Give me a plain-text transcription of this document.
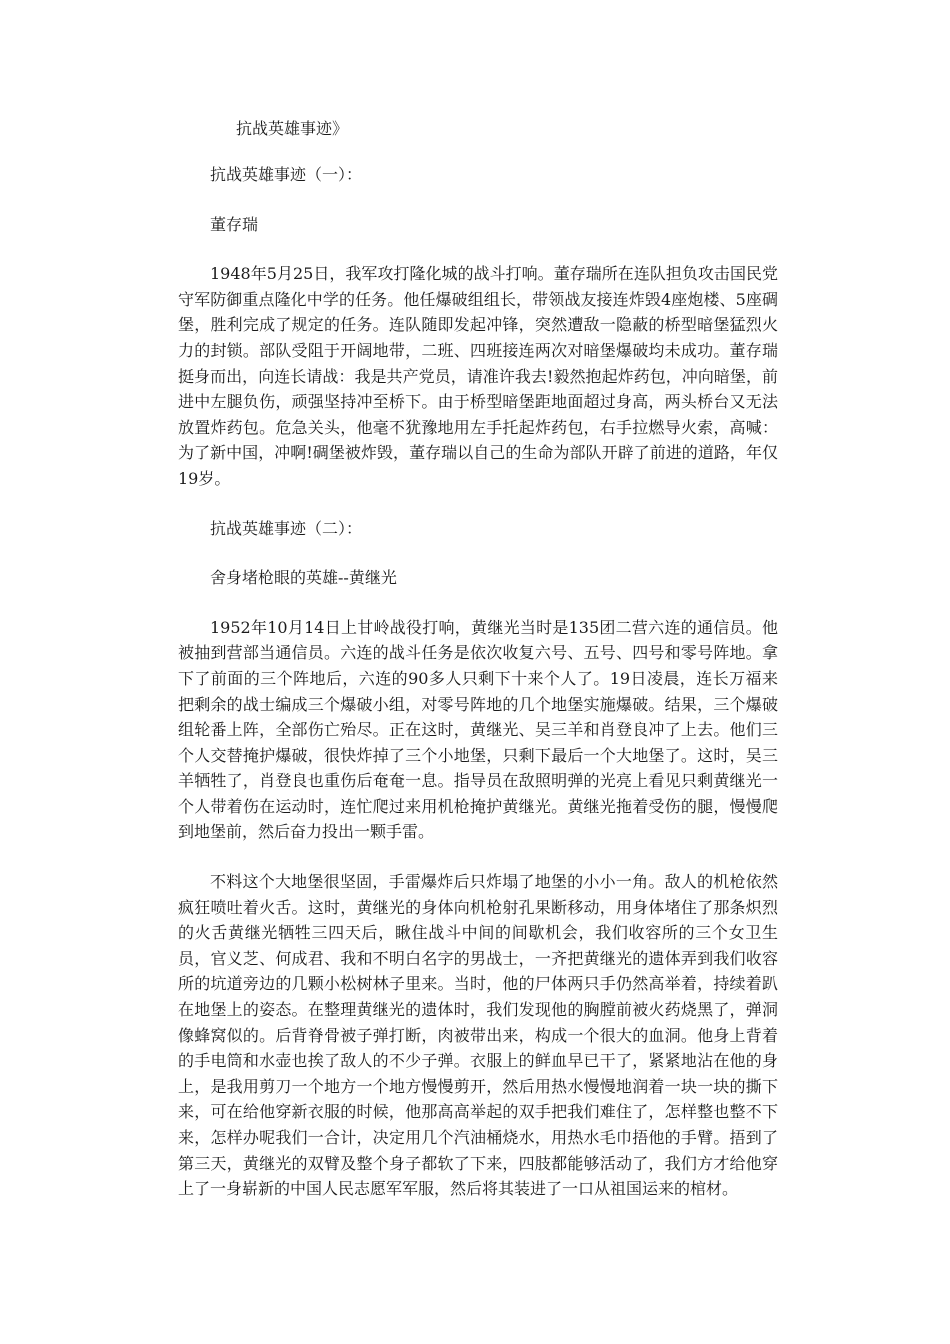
抗战英雄事迹》

抗战英雄事迹（一）：

董存瑞

1948年5月25日，我军攻打隆化城的战斗打响。董存瑞所在连队担负攻击国民党守军防御重点隆化中学的任务。他任爆破组组长，带领战友接连炸毁4座炮楼、5座碉堡，胜利完成了规定的任务。连队随即发起冲锋，突然遭敌一隐蔽的桥型暗堡猛烈火力的封锁。部队受阻于开阔地带，二班、四班接连两次对暗堡爆破均未成功。董存瑞挺身而出，向连长请战：我是共产党员，请准许我去!毅然抱起炸药包，冲向暗堡，前进中左腿负伤，顽强坚持冲至桥下。由于桥型暗堡距地面超过身高，两头桥台又无法放置炸药包。危急关头，他毫不犹豫地用左手托起炸药包，右手拉燃导火索，高喊：为了新中国，冲啊!碉堡被炸毁，董存瑞以自己的生命为部队开辟了前进的道路，年仅19岁。

抗战英雄事迹（二）：

舍身堵枪眼的英雄--黄继光

1952年10月14日上甘岭战役打响，黄继光当时是135团二营六连的通信员。他被抽到营部当通信员。六连的战斗任务是依次收复六号、五号、四号和零号阵地。拿下了前面的三个阵地后，六连的90多人只剩下十来个人了。19日凌晨，连长万福来把剩余的战士编成三个爆破小组，对零号阵地的几个地堡实施爆破。结果，三个爆破组轮番上阵，全部伤亡殆尽。正在这时，黄继光、吴三羊和肖登良冲了上去。他们三个人交替掩护爆破，很快炸掉了三个小地堡，只剩下最后一个大地堡了。这时，吴三羊牺牲了，肖登良也重伤后奄奄一息。指导员在敌照明弹的光亮上看见只剩黄继光一个人带着伤在运动时，连忙爬过来用机枪掩护黄继光。黄继光拖着受伤的腿，慢慢爬到地堡前，然后奋力投出一颗手雷。

不料这个大地堡很坚固，手雷爆炸后只炸塌了地堡的小小一角。敌人的机枪依然疯狂喷吐着火舌。这时，黄继光的身体向机枪射孔果断移动，用身体堵住了那条炽烈的火舌黄继光牺牲三四天后，瞅住战斗中间的间歇机会，我们收容所的三个女卫生员，官义芝、何成君、我和不明白名字的男战士，一齐把黄继光的遗体弄到我们收容所的坑道旁边的几颗小松树林子里来。当时，他的尸体两只手仍然高举着，持续着趴在地堡上的姿态。在整理黄继光的遗体时，我们发现他的胸膛前被火药烧黑了，弹洞像蜂窝似的。后背脊骨被子弹打断，肉被带出来，构成一个很大的血洞。他身上背着的手电筒和水壶也挨了敌人的不少子弹。衣服上的鲜血早已干了，紧紧地沾在他的身上，是我用剪刀一个地方一个地方慢慢剪开，然后用热水慢慢地润着一块一块的撕下来，可在给他穿新衣服的时候，他那高高举起的双手把我们难住了，怎样整也整不下来，怎样办呢我们一合计，决定用几个汽油桶烧水，用热水毛巾捂他的手臂。捂到了第三天，黄继光的双臂及整个身子都软了下来，四肢都能够活动了，我们方才给他穿上了一身崭新的中国人民志愿军军服，然后将其装进了一口从祖国运来的棺材。
